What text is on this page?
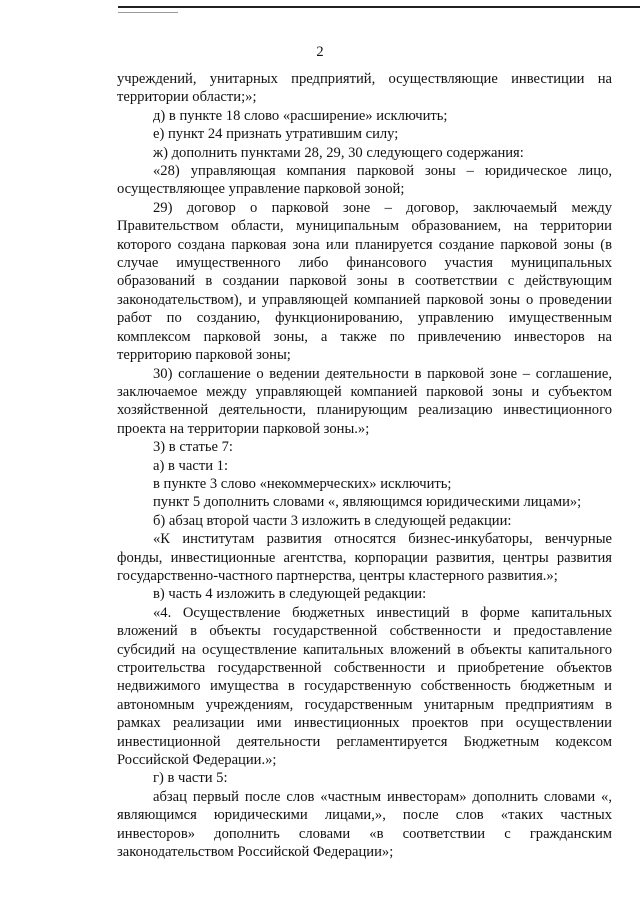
2

учреждений, унитарных предприятий, осуществляющие инвестиции на территории области;»;

д) в пункте 18 слово «расширение» исключить;

е) пункт 24 признать утратившим силу;

ж) дополнить пунктами 28, 29, 30 следующего содержания:

«28) управляющая компания парковой зоны – юридическое лицо, осуществляющее управление парковой зоной;

29) договор о парковой зоне – договор, заключаемый между Правительством области, муниципальным образованием, на территории которого создана парковая зона или планируется создание парковой зоны (в случае имущественного либо финансового участия муниципальных образований в создании парковой зоны в соответствии с действующим законодательством), и управляющей компанией парковой зоны о проведении работ по созданию, функционированию, управлению имущественным комплексом парковой зоны, а также по привлечению инвесторов на территорию парковой зоны;

30) соглашение о ведении деятельности в парковой зоне – соглашение, заключаемое между управляющей компанией парковой зоны и субъектом хозяйственной деятельности, планирующим реализацию инвестиционного проекта на территории парковой зоны.»;

3) в статье 7:

а) в части 1:

в пункте 3 слово «некоммерческих» исключить;

пункт 5 дополнить словами «, являющимся юридическими лицами»;

б) абзац второй части 3 изложить в следующей редакции:

«К институтам развития относятся бизнес-инкубаторы, венчурные фонды, инвестиционные агентства, корпорации развития, центры развития государственно-частного партнерства, центры кластерного развития.»;

в) часть 4 изложить в следующей редакции:

«4. Осуществление бюджетных инвестиций в форме капитальных вложений в объекты государственной собственности и предоставление субсидий на осуществление капитальных вложений в объекты капитального строительства государственной собственности и приобретение объектов недвижимого имущества в государственную собственность бюджетным и автономным учреждениям, государственным унитарным предприятиям в рамках реализации ими инвестиционных проектов при осуществлении инвестиционной деятельности регламентируется Бюджетным кодексом Российской Федерации.»;

г) в части 5:

абзац первый после слов «частным инвесторам» дополнить словами «, являющимся юридическими лицами,», после слов «таких частных инвесторов» дополнить словами «в соответствии с гражданским законодательством Российской Федерации»;
